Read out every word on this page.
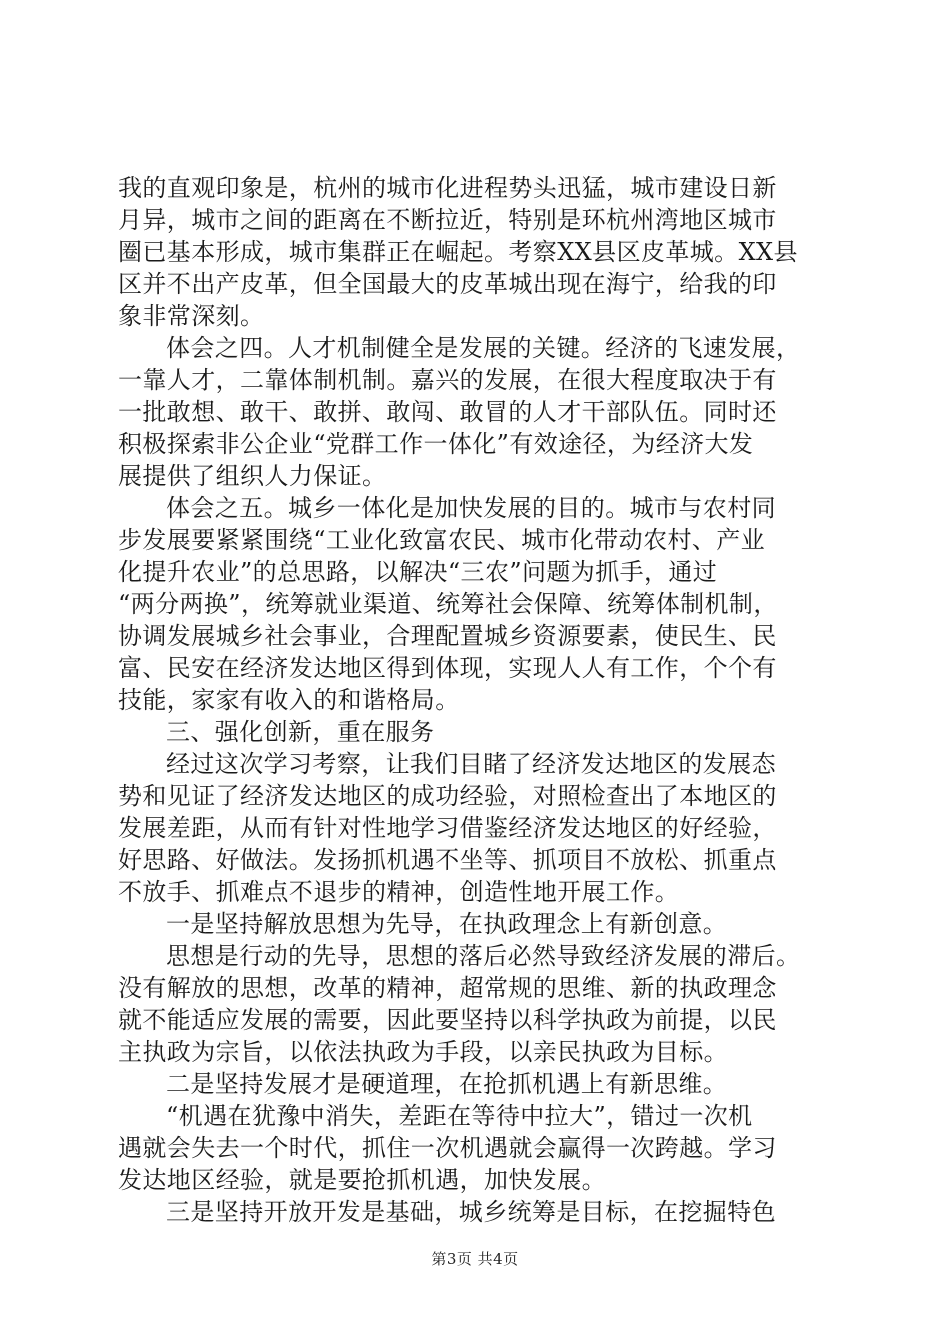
我的直观印象是，杭州的城市化进程势头迅猛，城市建设日新
月异，城市之间的距离在不断拉近，特别是环杭州湾地区城市
圈已基本形成，城市集群正在崛起。考察XX县区皮革城。XX县
区并不出产皮革，但全国最大的皮革城出现在海宁，给我的印
象非常深刻。
体会之四。人才机制健全是发展的关键。经济的飞速发展，
一靠人才，二靠体制机制。嘉兴的发展，在很大程度取决于有
一批敢想、敢干、敢拼、敢闯、敢冒的人才干部队伍。同时还
积极探索非公企业“党群工作一体化”有效途径，为经济大发
展提供了组织人力保证。
体会之五。城乡一体化是加快发展的目的。城市与农村同
步发展要紧紧围绕“工业化致富农民、城市化带动农村、产业
化提升农业”的总思路，以解决“三农”问题为抓手，通过
“两分两换”，统筹就业渠道、统筹社会保障、统筹体制机制，
协调发展城乡社会事业，合理配置城乡资源要素，使民生、民
富、民安在经济发达地区得到体现，实现人人有工作，个个有
技能，家家有收入的和谐格局。
三、强化创新，重在服务
经过这次学习考察，让我们目睹了经济发达地区的发展态
势和见证了经济发达地区的成功经验，对照检查出了本地区的
发展差距，从而有针对性地学习借鉴经济发达地区的好经验，
好思路、好做法。发扬抓机遇不坐等、抓项目不放松、抓重点
不放手、抓难点不退步的精神，创造性地开展工作。
一是坚持解放思想为先导，在执政理念上有新创意。
思想是行动的先导，思想的落后必然导致经济发展的滞后。
没有解放的思想，改革的精神，超常规的思维、新的执政理念
就不能适应发展的需要，因此要坚持以科学执政为前提，以民
主执政为宗旨，以依法执政为手段，以亲民执政为目标。
二是坚持发展才是硬道理，在抢抓机遇上有新思维。
“机遇在犹豫中消失，差距在等待中拉大”，错过一次机
遇就会失去一个时代，抓住一次机遇就会赢得一次跨越。学习
发达地区经验，就是要抢抓机遇，加快发展。
三是坚持开放开发是基础，城乡统筹是目标，在挖掘特色
第3页 共4页
